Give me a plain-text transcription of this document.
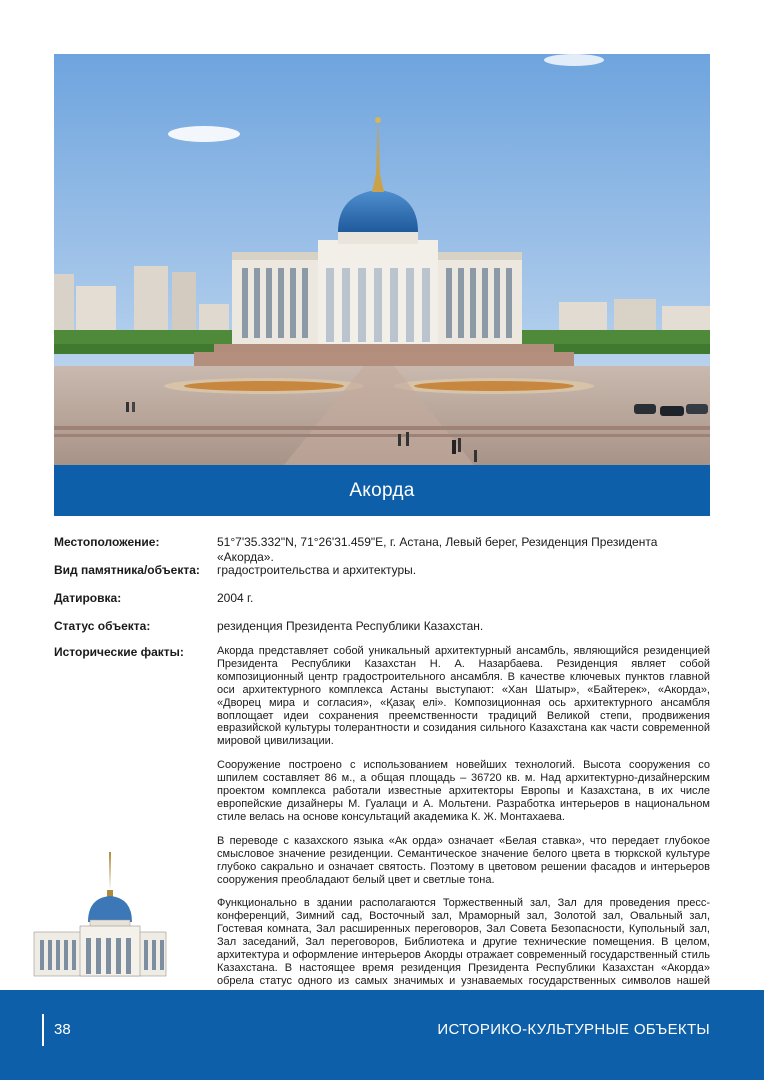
Акорда
Местоположение:	51°7'35.332"N, 71°26'31.459"E, г. Астана, Левый берег, Резиденция Президента «Акорда».
Вид памятника/объекта:	градостроительства и архитектуры.
Датировка:	2004 г.
Статус объекта:	резиденция Президента Республики Казахстан.
Исторические факты:	Акорда представляет собой уникальный архитектурный ансамбль, являющийся резиденцией Президента Республики Казахстан Н. А. Назарбаева. Резиденция являет собой композиционный центр градостроительного ансамбля. В качестве ключевых пунктов главной оси архитектурного комплекса Астаны выступают: «Хан Шатыр», «Байтерек», «Акорда», «Дворец мира и согласия», «Қазақ елі». Композиционная ось архитектурного ансамбля воплощает идеи сохранения преемственности традиций Великой степи, продвижения евразийской культуры толерантности и созидания сильного Казахстана как части современной мировой цивилизации.

Сооружение построено с использованием новейших технологий. Высота сооружения со шпилем составляет 86 м., а общая площадь – 36720 кв. м. Над архитектурно-дизайнерским проектом комплекса работали известные архитекторы Европы и Казахстана, в их числе европейские дизайнеры М. Гуалаци и А. Мольтени. Разработка интерьеров в национальном стиле велась на основе консультаций академика К. Ж. Монтахаева.

В переводе с казахского языка «Ак орда» означает «Белая ставка», что передает глубокое смысловое значение резиденции. Семантическое значение белого цвета в тюркской культуре глубоко сакрально и означает святость. Поэтому в цветовом решении фасадов и интерьеров сооружения преобладают белый цвет и светлые тона.

Функционально в здании располагаются Торжественный зал, Зал для проведения пресс-конференций, Зимний сад, Восточный зал, Мраморный зал, Золотой зал, Овальный зал, Гостевая комната, Зал расширенных переговоров, Зал Совета Безопасности, Купольный зал, Зал заседаний, Зал переговоров, Библиотека и другие технические помещения. В целом, архитектура и оформление интерьеров Акорды отражает современный государственный стиль Казахстана. В настоящее время резиденция Президента Республики Казахстан «Акорда» обрела статус одного из самых значимых и узнаваемых государственных символов нашей

38	ИСТОРИКО-КУЛЬТУРНЫЕ ОБЪЕКТЫ
